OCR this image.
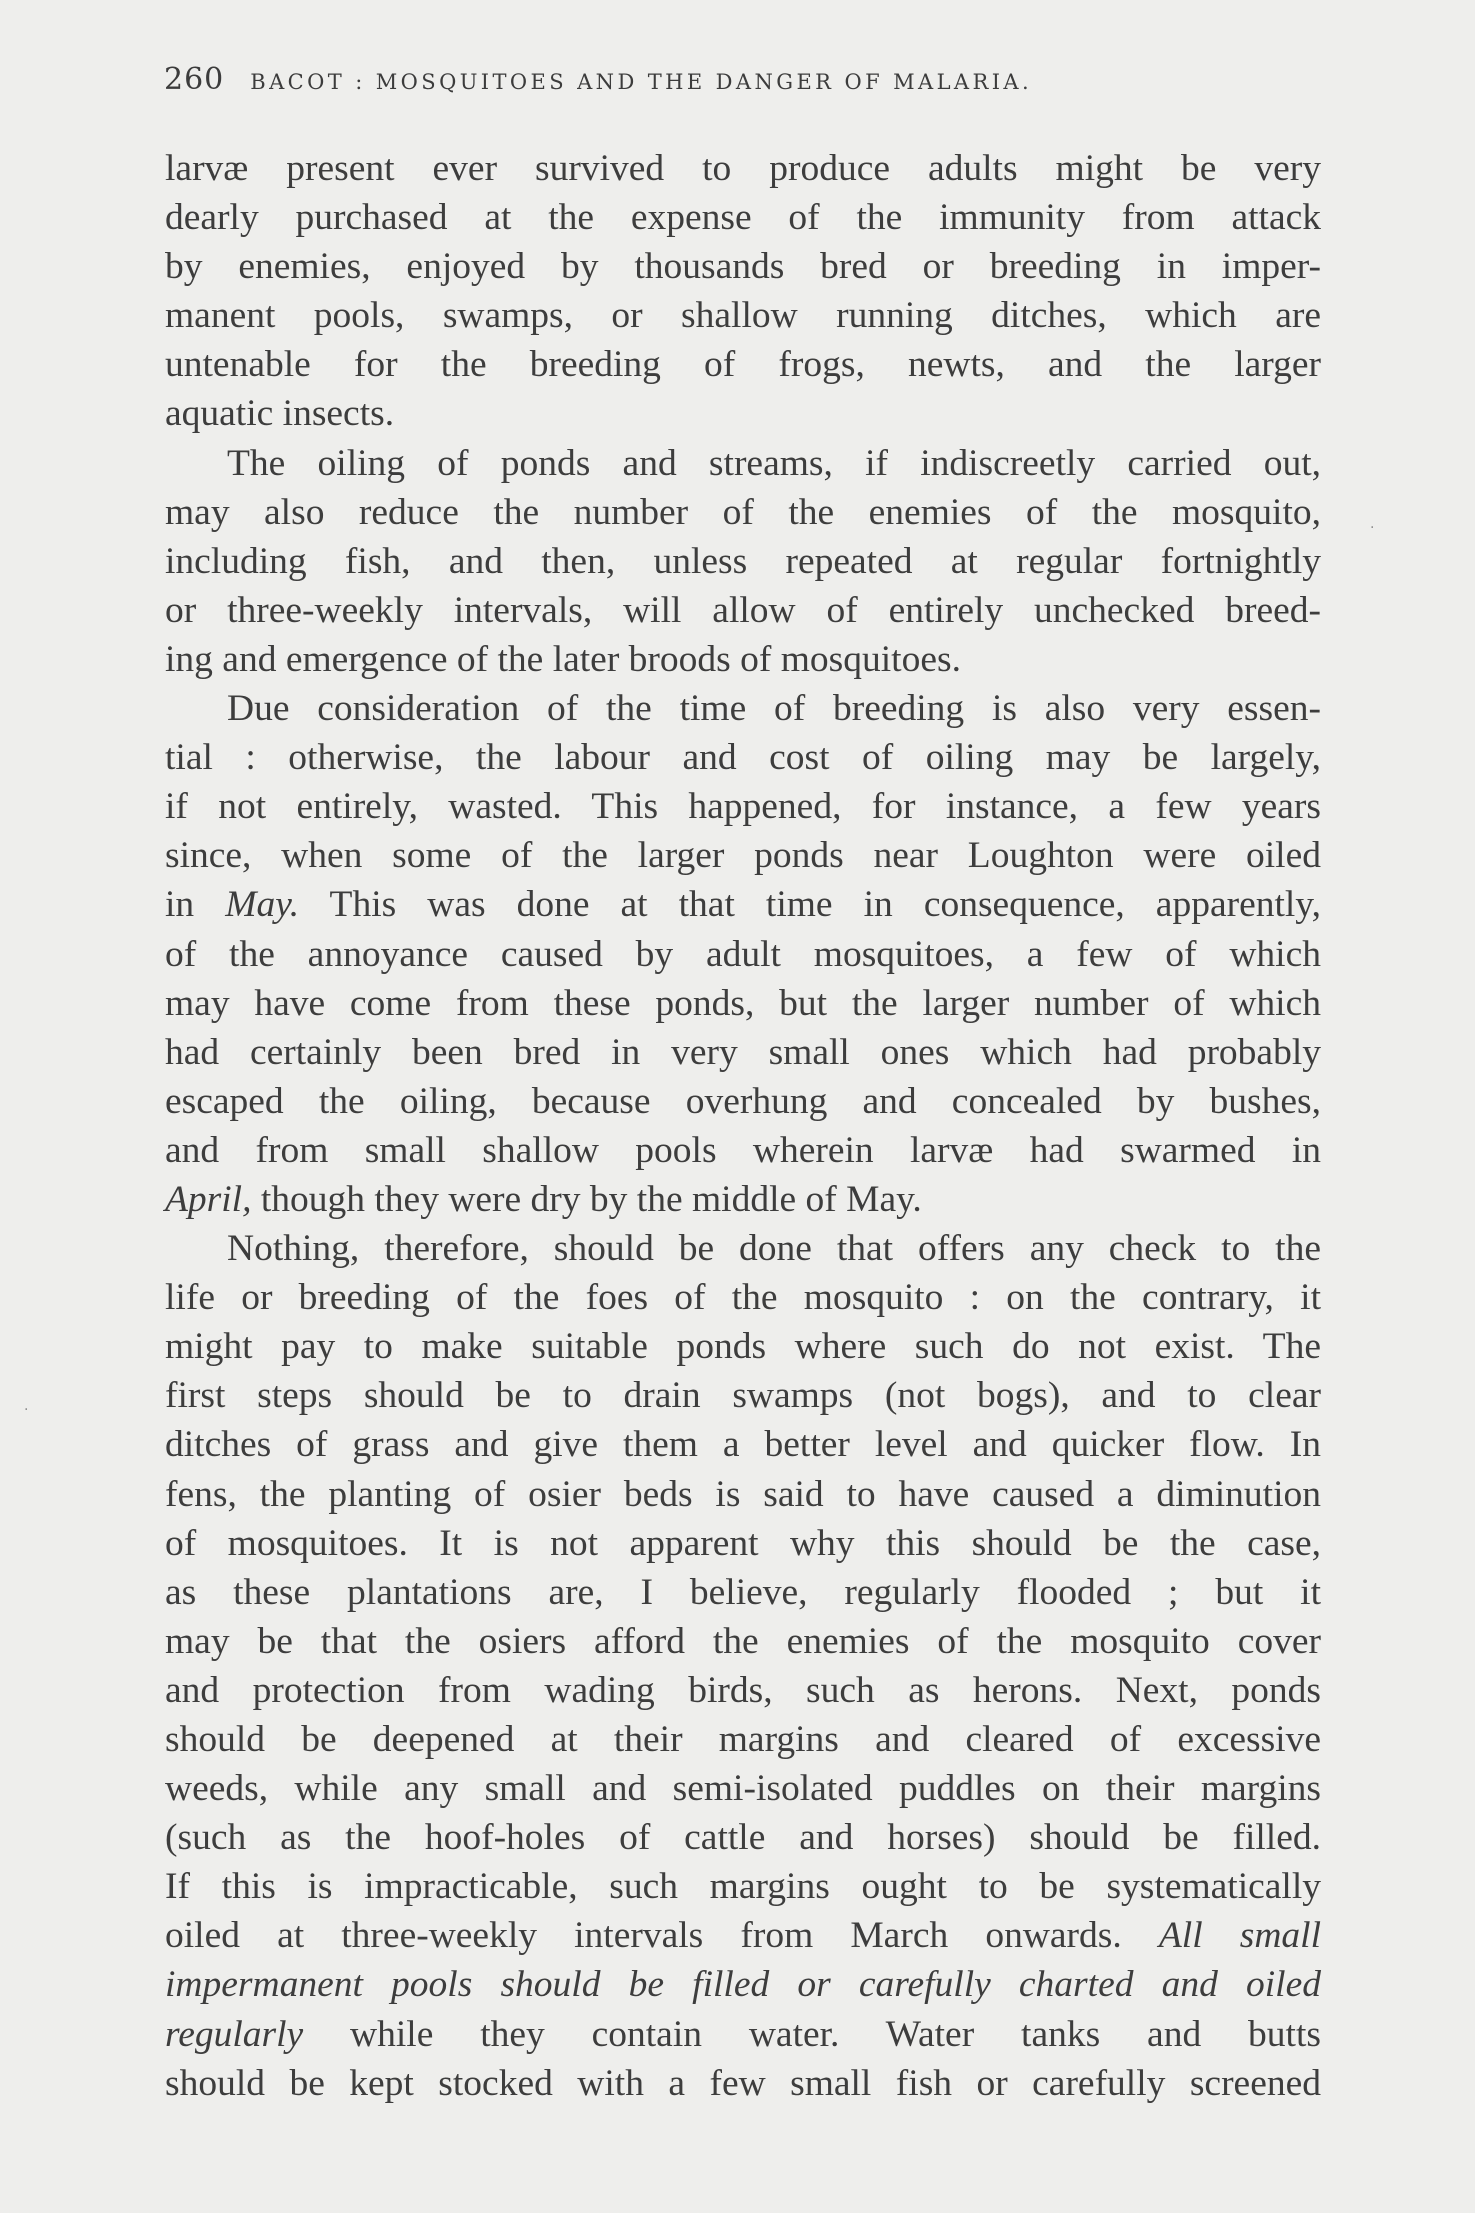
260 BACOT : MOSQUITOES AND THE DANGER OF MALARIA.
larvæ present ever survived to produce adults might be very
dearly purchased at the expense of the immunity from attack
by enemies, enjoyed by thousands bred or breeding in imper-
manent pools, swamps, or shallow running ditches, which are
untenable for the breeding of frogs, newts, and the larger
aquatic insects.
The oiling of ponds and streams, if indiscreetly carried out,
may also reduce the number of the enemies of the mosquito,
including fish, and then, unless repeated at regular fortnightly
or three-weekly intervals, will allow of entirely unchecked breed-
ing and emergence of the later broods of mosquitoes.
Due consideration of the time of breeding is also very essen-
tial : otherwise, the labour and cost of oiling may be largely,
if not entirely, wasted. This happened, for instance, a few years
since, when some of the larger ponds near Loughton were oiled
in May. This was done at that time in consequence, apparently,
of the annoyance caused by adult mosquitoes, a few of which
may have come from these ponds, but the larger number of which
had certainly been bred in very small ones which had probably
escaped the oiling, because overhung and concealed by bushes,
and from small shallow pools wherein larvæ had swarmed in
April, though they were dry by the middle of May.
Nothing, therefore, should be done that offers any check to the
life or breeding of the foes of the mosquito : on the contrary, it
might pay to make suitable ponds where such do not exist. The
first steps should be to drain swamps (not bogs), and to clear
ditches of grass and give them a better level and quicker flow. In
fens, the planting of osier beds is said to have caused a diminution
of mosquitoes. It is not apparent why this should be the case,
as these plantations are, I believe, regularly flooded ; but it
may be that the osiers afford the enemies of the mosquito cover
and protection from wading birds, such as herons. Next, ponds
should be deepened at their margins and cleared of excessive
weeds, while any small and semi-isolated puddles on their margins
(such as the hoof-holes of cattle and horses) should be filled.
If this is impracticable, such margins ought to be systematically
oiled at three-weekly intervals from March onwards. All small
impermanent pools should be filled or carefully charted and oiled
regularly while they contain water. Water tanks and butts
should be kept stocked with a few small fish or carefully screened
·
·
